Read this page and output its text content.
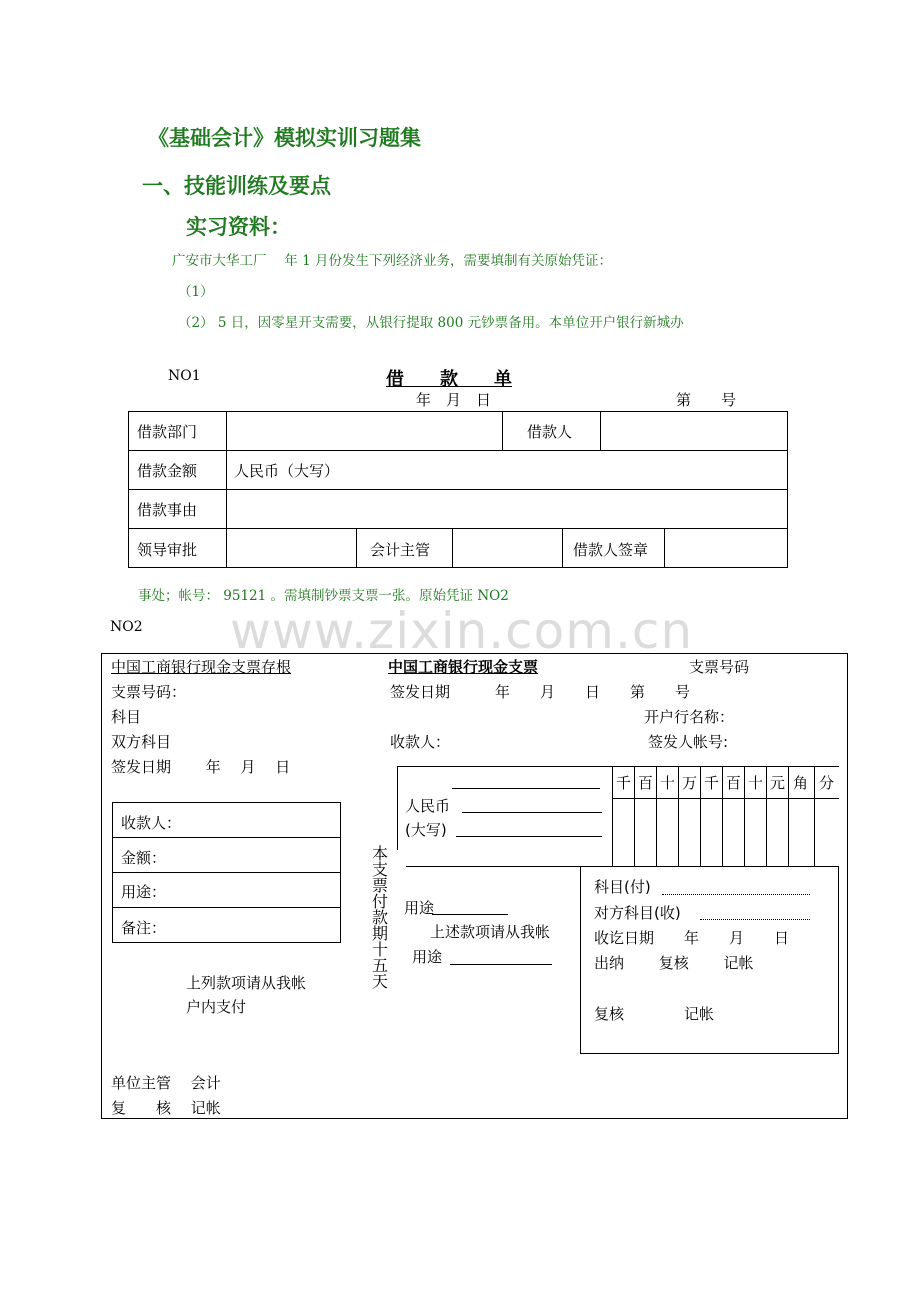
www.zixin.com.cn
《基础会计》模拟实训习题集
一、技能训练及要点
实习资料：
广安市大华工厂　 年 1 月份发生下列经济业务，需要填制有关原始凭证：
（1）
（2） 5 日，因零星开支需要，从银行提取 800 元钞票备用。本单位开户银行新城办
NO1	借　　款　　单
年　月　日	第　　号
借款部门	借款人
借款金额 人民币（大写）
借款事由
领导审批	会计主管	借款人签章
事处；帐号： 95121 。需填制钞票支票一张。原始凭证 NO2
NO2
中国工商银行现金支票存根
支票号码：
科目
双方科目
签发日期　　 年　 月　 日
收款人：
金额：
用途：
备注：
上列款项请从我帐
户内支付
单位主管　 会计
复　　核　 记帐
本支票付款期十五天
中国工商银行现金支票	支票号码
签发日期　　　年　　月　　日　　第　　号
开户行名称：
收款人：	签发人帐号:
人民币
(大写)
千 百 十 万 千 百 十 元 角 分
用途
上述款项请从我帐
用途
科目(付)
对方科目(收)
收讫日期　　年　　月　　日
出纳　　 复核　　 记帐
复核　　　　记帐
